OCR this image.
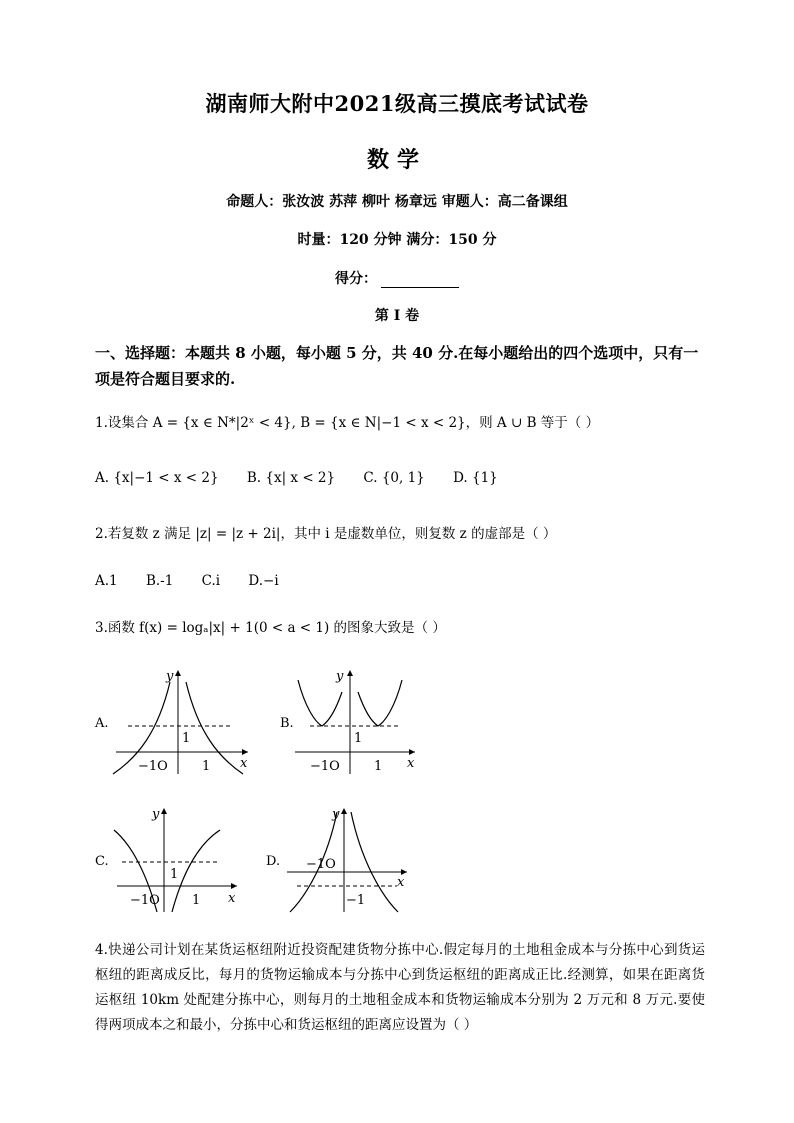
湖南师大附中2021级高三摸底考试试卷
数学
命题人：张汝波 苏萍 柳叶 杨章远 审题人：高二备课组
时量：120 分钟 满分：150 分
得分：
第 I 卷
一、选择题：本题共 8 小题，每小题 5 分，共 40 分.在每小题给出的四个选项中，只有一项是符合题目要求的.
1.设集合 A = {x ∈ N*|2ˣ < 4}, B = {x ∈ N|−1 < x < 2}，则 A ∪ B 等于（ ）
A. {x|−1 < x < 2} B. {x| x < 2} C. {0, 1} D. {1}
2.若复数 z 满足 |z| = |z + 2i|，其中 i 是虚数单位，则复数 z 的虚部是（ ）
A.1 B.-1 C.i D.−i
3.函数 f(x) = logₐ|x| + 1(0 < a < 1) 的图象大致是（ ）
A.
y
x
1
−1O	1
B.
y
x
1
−1O	1
C.
y
x
1
−1O 1
D.
y
x
−1O
−1
4.快递公司计划在某货运枢纽附近投资配建货物分拣中心.假定每月的土地租金成本与分拣中心到货运枢纽的距离成反比，每月的货物运输成本与分拣中心到货运枢纽的距离成正比.经测算，如果在距离货运枢纽 10km 处配建分拣中心，则每月的土地租金成本和货物运输成本分别为 2 万元和 8 万元.要使得两项成本之和最小，分拣中心和货运枢纽的距离应设置为（ ）
